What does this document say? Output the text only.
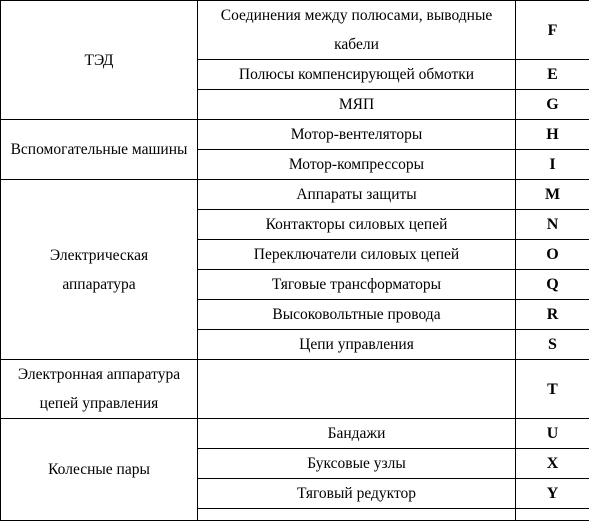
ТЭД	Соединения между полюсами, выводные кабели	F
	Полюсы компенсирующей обмотки	E
	МЯП	G
Вспомогательные машины	Мотор-вентеляторы	H
	Мотор-компрессоры	I
Электрическая аппаратура	Аппараты защиты	M
	Контакторы силовых цепей	N
	Переключатели силовых цепей	O
	Тяговые трансформаторы	Q
	Высоковольтные провода	R
	Цепи управления	S
Электронная аппаратура цепей управления		T
Колесные пары	Бандажи	U
	Буксовые узлы	X
	Тяговый редуктор	Y
